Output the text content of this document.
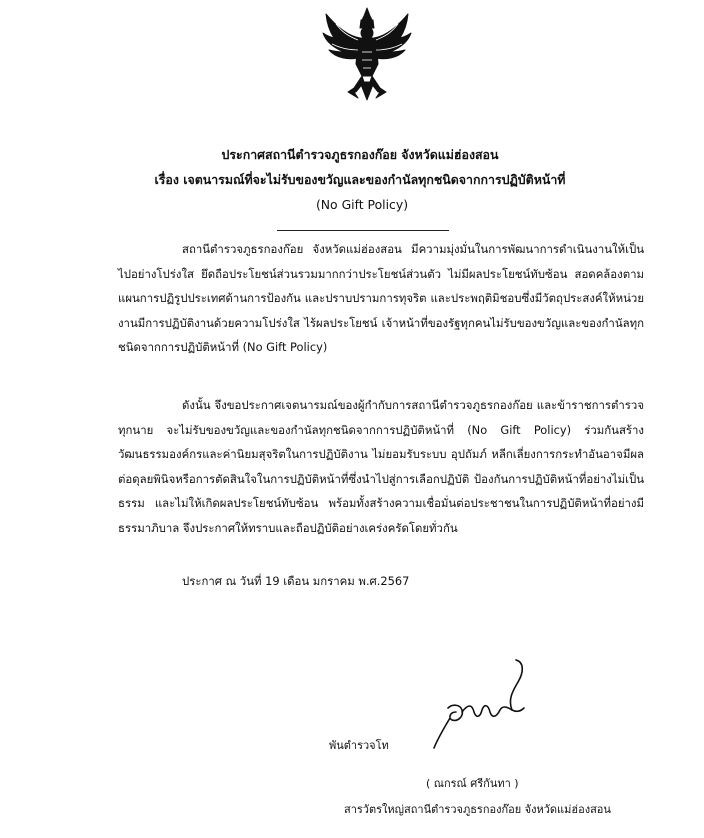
ประกาศสถานีตำรวจภูธรกองก๊อย จังหวัดแม่ฮ่องสอน
เรื่อง เจตนารมณ์ที่จะไม่รับของขวัญและของกำนัลทุกชนิดจากการปฏิบัติหน้าที่
(No Gift Policy)
สถานีตำรวจภูธรกองก๊อย จังหวัดแม่ฮ่องสอน มีความมุ่งมั่นในการพัฒนาการดำเนินงานให้เป็นไปอย่างโปร่งใส ยึดถือประโยชน์ส่วนรวมมากกว่าประโยชน์ส่วนตัว ไม่มีผลประโยชน์ทับซ้อน สอดคล้องตามแผนการปฏิรูปประเทศด้านการป้องกัน และปราบปรามการทุจริต และประพฤติมิชอบซึ่งมีวัตถุประสงค์ให้หน่วยงานมีการปฏิบัติงานด้วยความโปร่งใส ไร้ผลประโยชน์ เจ้าหน้าที่ของรัฐทุกคนไม่รับของขวัญและของกำนัลทุกชนิดจากการปฏิบัติหน้าที่ (No Gift Policy)
ดังนั้น จึงขอประกาศเจตนารมณ์ของผู้กำกับการสถานีตำรวจภูธรกองก๊อย และข้าราชการตำรวจทุกนาย จะไม่รับของขวัญและของกำนัลทุกชนิดจากการปฏิบัติหน้าที่ (No Gift Policy) ร่วมกันสร้างวัฒนธรรมองค์กรและค่านิยมสุจริตในการปฏิบัติงาน ไม่ยอมรับระบบ อุปถัมภ์ หลีกเลี่ยงการกระทำอันอาจมีผลต่อดุลยพินิจหรือการตัดสินใจในการปฏิบัติหน้าที่ซึ่งนำไปสู่การเลือกปฏิบัติ ป้องกันการปฏิบัติหน้าที่อย่างไม่เป็นธรรม และไม่ให้เกิดผลประโยชน์ทับซ้อน พร้อมทั้งสร้างความเชื่อมั่นต่อประชาชนในการปฏิบัติหน้าที่อย่างมีธรรมาภิบาล จึงประกาศให้ทราบและถือปฏิบัติอย่างเคร่งครัดโดยทั่วกัน
ประกาศ ณ วันที่ 19 เดือน มกราคม พ.ศ.2567
พันตำรวจโท
( ณกรณ์ ศรีกันทา )
สารวัตรใหญ่สถานีตำรวจภูธรกองก๊อย จังหวัดแม่ฮ่องสอน
